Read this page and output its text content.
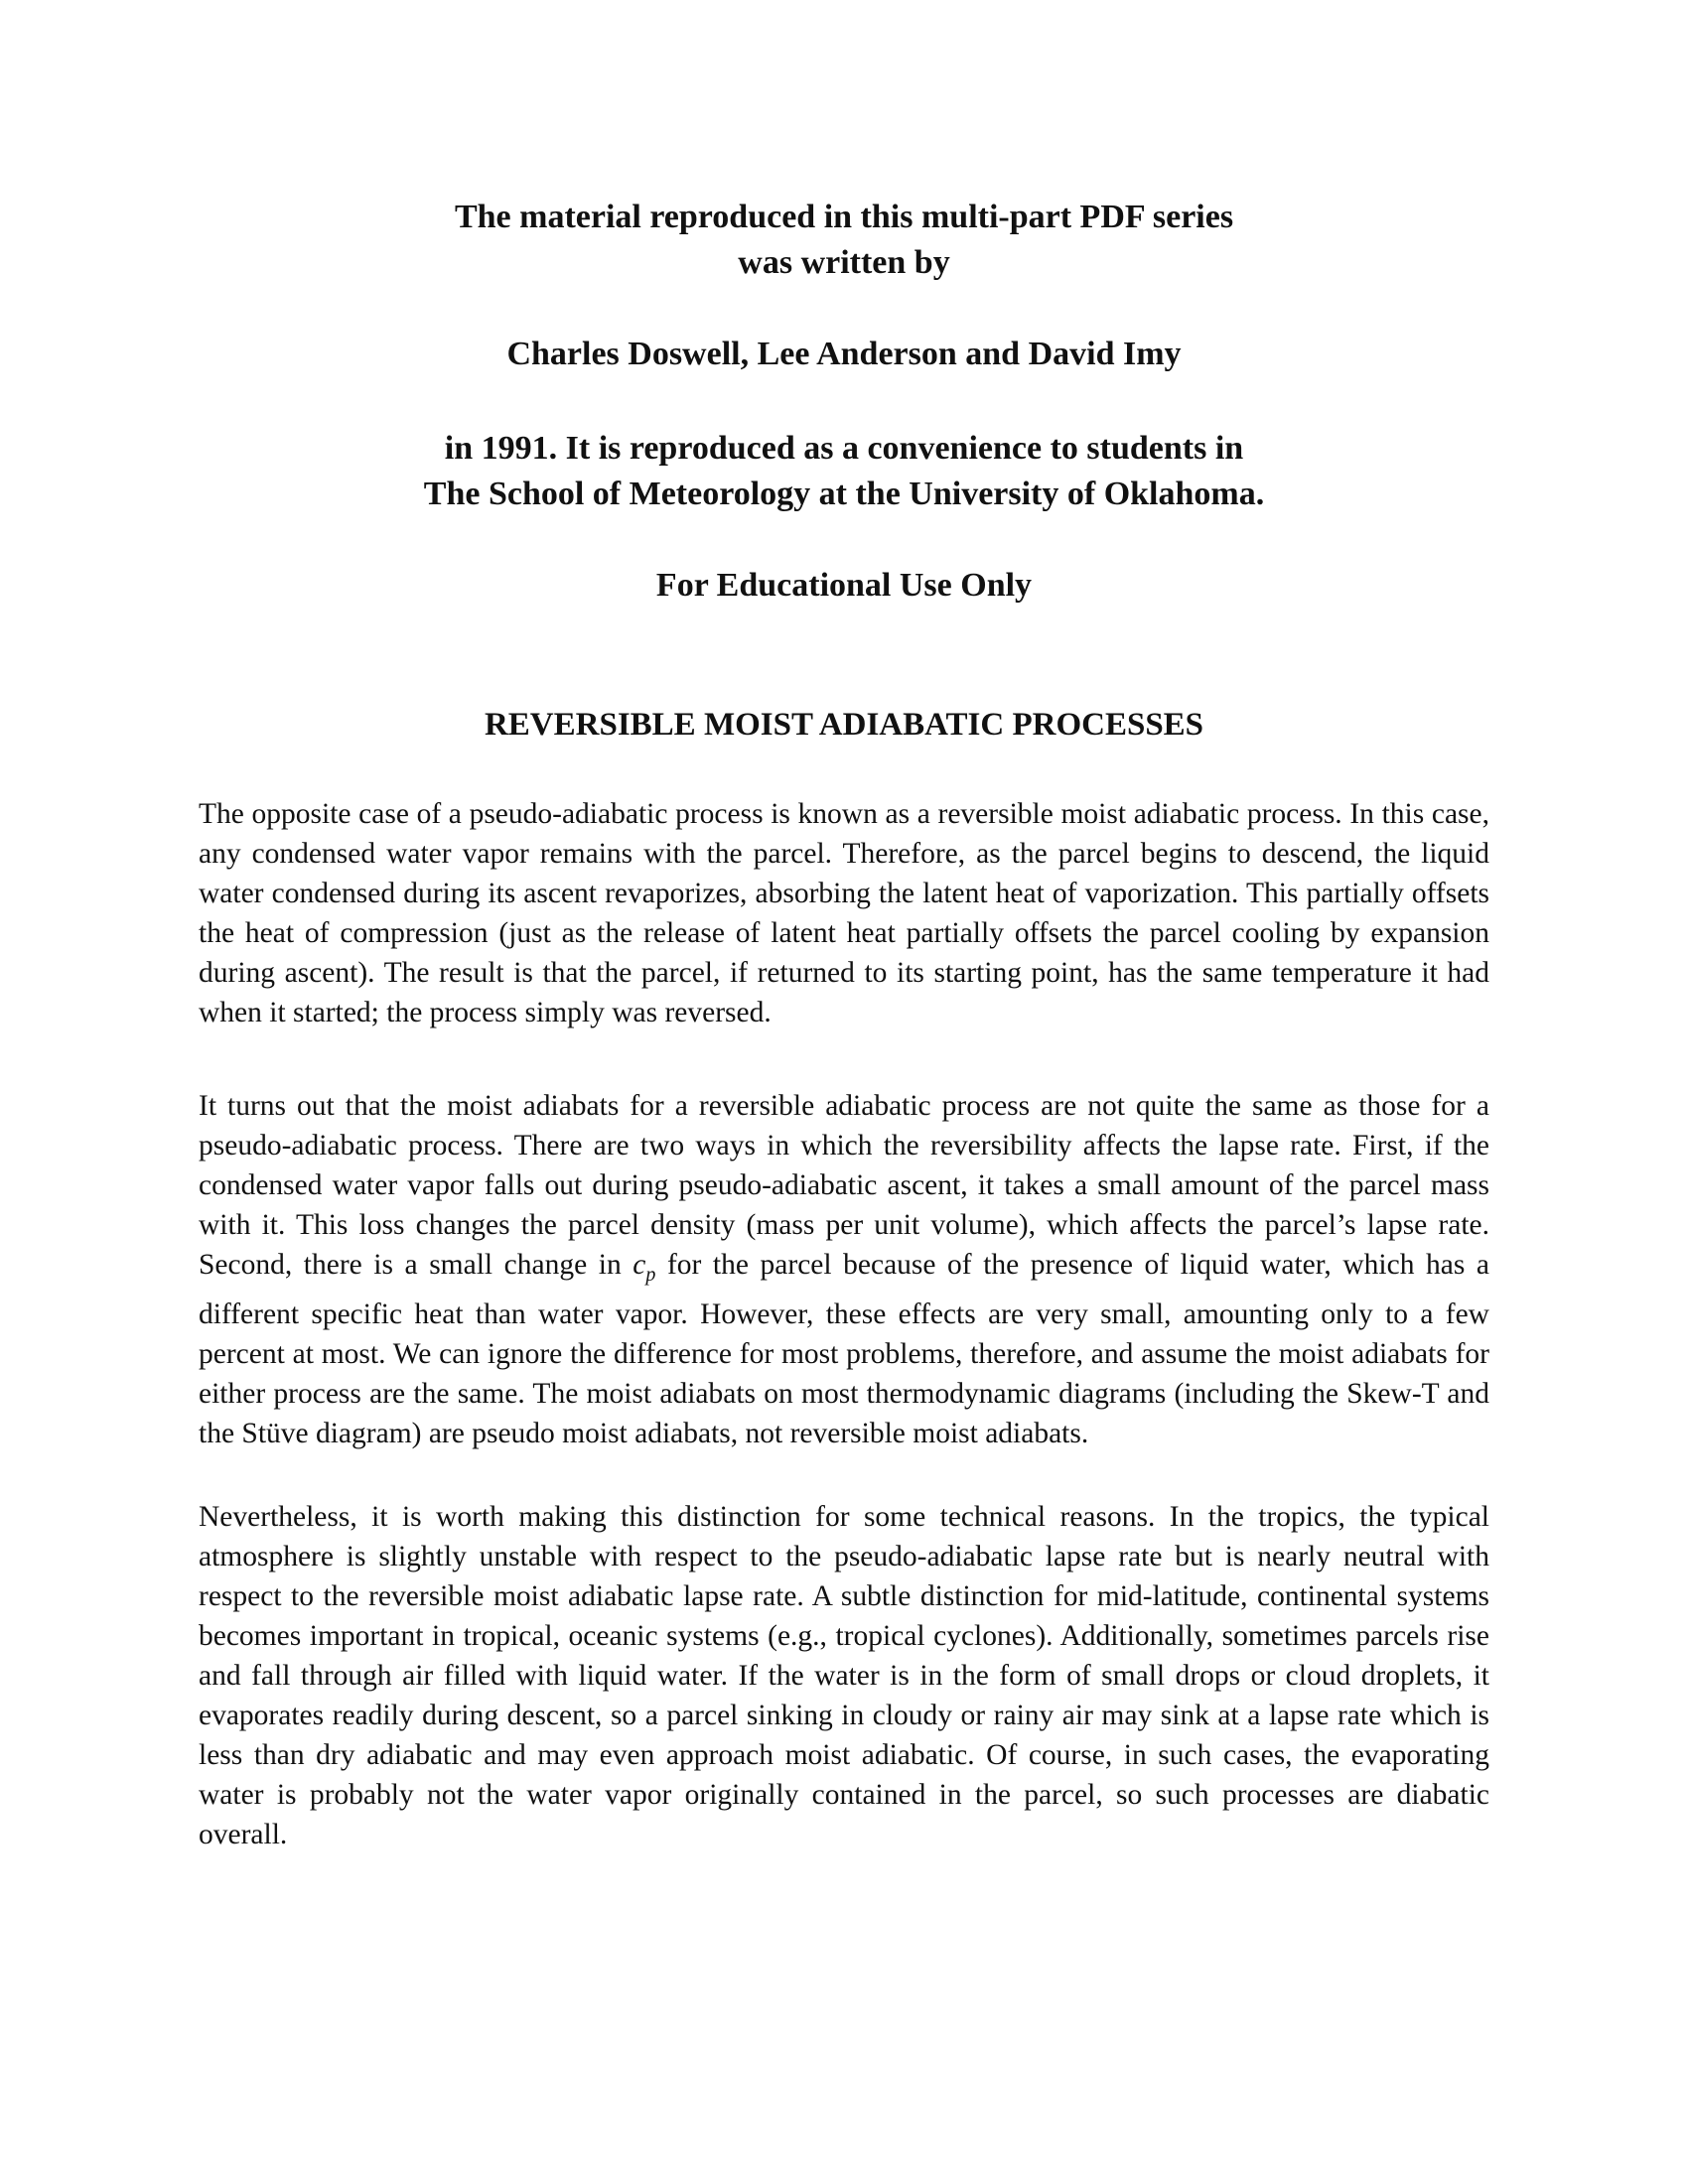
The material reproduced in this multi-part PDF series

was written by

Charles Doswell, Lee Anderson and David Imy

in 1991. It is reproduced as a convenience to students in

The School of Meteorology at the University of Oklahoma.

For Educational Use Only

REVERSIBLE MOIST ADIABATIC PROCESSES

The opposite case of a pseudo-adiabatic process is known as a reversible moist adiabatic process. In this case, any condensed water vapor remains with the parcel. Therefore, as the parcel begins to descend, the liquid water condensed during its ascent revaporizes, absorbing the latent heat of vaporization. This partially offsets the heat of compression (just as the release of latent heat partially offsets the parcel cooling by expansion during ascent). The result is that the parcel, if returned to its starting point, has the same temperature it had when it started; the process simply was reversed.

It turns out that the moist adiabats for a reversible adiabatic process are not quite the same as those for a pseudo-adiabatic process. There are two ways in which the reversibility affects the lapse rate. First, if the condensed water vapor falls out during pseudo-adiabatic ascent, it takes a small amount of the parcel mass with it. This loss changes the parcel density (mass per unit volume), which affects the parcel’s lapse rate. Second, there is a small change in $c_p$ for the parcel because of the presence of liquid water, which has a different specific heat than water vapor. However, these effects are very small, amounting only to a few percent at most. We can ignore the difference for most problems, therefore, and assume the moist adiabats for either process are the same. The moist adiabats on most thermodynamic diagrams (including the Skew-T and the Stüve diagram) are pseudo moist adiabats, not reversible moist adiabats.

Nevertheless, it is worth making this distinction for some technical reasons. In the tropics, the typical atmosphere is slightly unstable with respect to the pseudo-adiabatic lapse rate but is nearly neutral with respect to the reversible moist adiabatic lapse rate. A subtle distinction for mid-latitude, continental systems becomes important in tropical, oceanic systems (e.g., tropical cyclones). Additionally, sometimes parcels rise and fall through air filled with liquid water. If the water is in the form of small drops or cloud droplets, it evaporates readily during descent, so a parcel sinking in cloudy or rainy air may sink at a lapse rate which is less than dry adiabatic and may even approach moist adiabatic. Of course, in such cases, the evaporating water is probably not the water vapor originally contained in the parcel, so such processes are diabatic overall.
